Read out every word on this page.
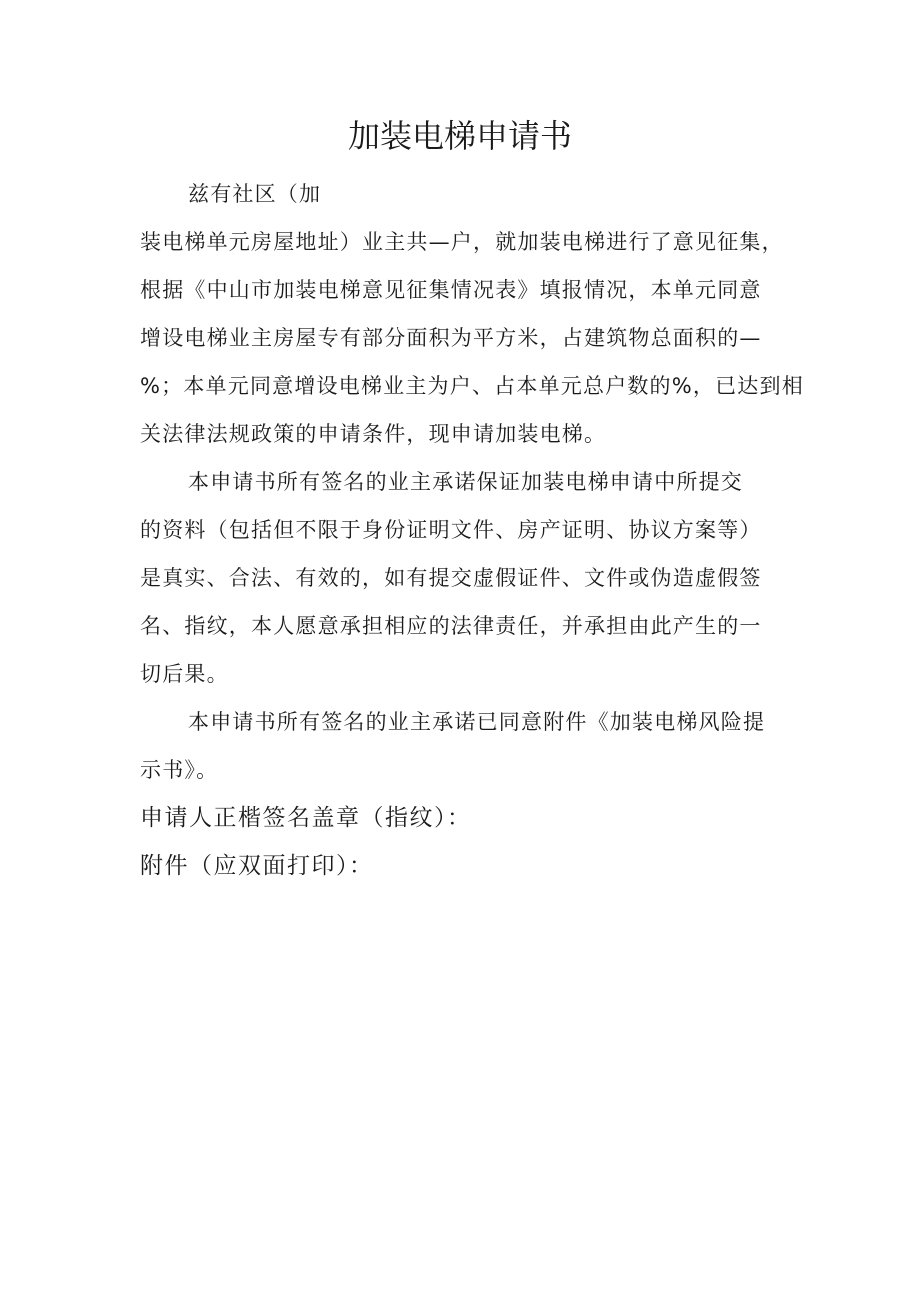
加装电梯申请书
兹有社区（加
装电梯单元房屋地址）业主共—户，就加装电梯进行了意见征集，
根据《中山市加装电梯意见征集情况表》填报情况，本单元同意
增设电梯业主房屋专有部分面积为平方米，占建筑物总面积的—
%；本单元同意增设电梯业主为户、占本单元总户数的%，已达到相
关法律法规政策的申请条件，现申请加装电梯。
本申请书所有签名的业主承诺保证加装电梯申请中所提交
的资料（包括但不限于身份证明文件、房产证明、协议方案等）
是真实、合法、有效的，如有提交虚假证件、文件或伪造虚假签
名、指纹，本人愿意承担相应的法律责任，并承担由此产生的一
切后果。
本申请书所有签名的业主承诺已同意附件《加装电梯风险提
示书》。
申请人正楷签名盖章（指纹）：
附件（应双面打印）：
